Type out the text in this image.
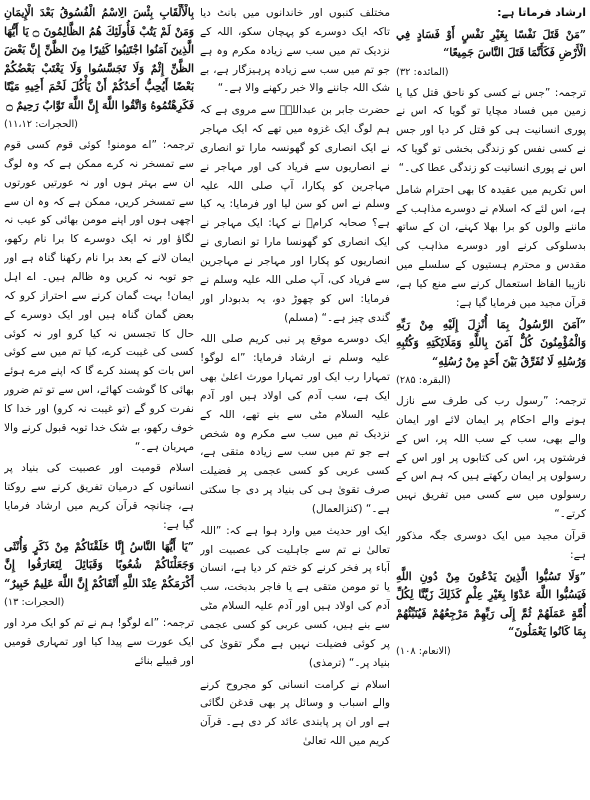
بِالْأَلْقَابِ بِئْسَ الِاسْمُ الْفُسُوقُ بَعْدَ الْإِيمَانِ وَمَنْ لَمْ يَتُبْ فَأُولَئِكَ هُمُ الظَّالِمُونَ ۝ يَا أَيُّهَا الَّذِينَ آمَنُوا اجْتَنِبُوا كَثِيرًا مِنَ الظَّنِّ إِنَّ بَعْضَ الظَّنِّ إِثْمٌ وَلَا تَجَسَّسُوا وَلَا يَغْتَبْ بَعْضُكُمْ بَعْضًا أَيُحِبُّ أَحَدُكُمْ أَنْ يَأْكُلَ لَحْمَ أَخِيهِ مَيْتًا فَكَرِهْتُمُوهُ وَاتَّقُوا اللَّهَ إِنَّ اللَّهَ تَوَّابٌ رَحِيمٌ ۝

(الحجرات: ۱۱،۱۲)

ترجمہ: ”اے مومنو! کوئی قوم کسی قوم سے تمسخر نہ کرے ممکن ہے کہ وہ لوگ ان سے بہتر ہوں اور نہ عورتیں عورتوں سے تمسخر کریں، ممکن ہے کہ وہ ان سے اچھی ہوں اور اپنے مومن بھائی کو عیب نہ لگاؤ اور نہ ایک دوسرے کا برا نام رکھو، ایمان لانے کے بعد برا نام رکھنا گناہ ہے اور جو توبہ نہ کریں وہ ظالم ہیں۔ اے اہل ایمان! بہت گمان کرنے سے احتراز کرو کہ بعض گمان گناہ ہیں اور ایک دوسرے کے حال کا تجسس نہ کیا کرو اور نہ کوئی کسی کی غیبت کرے، کیا تم میں سے کوئی اس بات کو پسند کرے گا کہ اپنے مرے ہوئے بھائی کا گوشت کھائے، اس سے تو تم ضرور نفرت کرو گے (تو غیبت نہ کرو) اور خدا کا خوف رکھو، بے شک خدا توبہ قبول کرنے والا مہربان ہے۔“

اسلام قومیت اور عصبیت کی بنیاد پر انسانوں کے درمیان تفریق کرنے سے روکتا ہے، چنانچہ قرآن کریم میں ارشاد فرمایا گیا ہے:

”يَا أَيُّهَا النَّاسُ إِنَّا خَلَقْنَاكُمْ مِنْ ذَكَرٍ وَأُنْثَى وَجَعَلْنَاكُمْ شُعُوبًا وَقَبَائِلَ لِتَعَارَفُوا إِنَّ أَكْرَمَكُمْ عِنْدَ اللَّهِ أَتْقَاكُمْ إِنَّ اللَّهَ عَلِيمٌ خَبِيرٌ“

(الحجرات: ۱۳)

ترجمہ: ”اے لوگو! ہم نے تم کو ایک مرد اور ایک عورت سے پیدا کیا اور تمہاری قومیں اور قبیلے بنائے

مختلف کنبوں اور خاندانوں میں بانٹ دیا تاکہ ایک دوسرے کو پہچان سکو، اللہ کے نزدیک تم میں سب سے زیادہ مکرم وہ ہے جو تم میں سب سے زیادہ پرہیزگار ہے، بے شک اللہ جاننے والا خبر رکھنے والا ہے۔“

حضرت جابر بن عبداللہؓ سے مروی ہے کہ ہم لوگ ایک غزوہ میں تھے کہ ایک مہاجر نے ایک انصاری کو گھونسہ مارا تو انصاری نے انصاریوں سے فریاد کی اور مہاجر نے مہاجرین کو پکارا، آپ صلی اللہ علیہ وسلم نے اس کو سن لیا اور فرمایا: یہ کیا ہے؟ صحابہ کرامؓ نے کہا: ایک مہاجر نے ایک انصاری کو گھونسا مارا تو انصاری نے انصاریوں کو پکارا اور مہاجر نے مہاجرین سے فریاد کی، آپ صلی اللہ علیہ وسلم نے فرمایا: اس کو چھوڑ دو، یہ بدبودار اور گندی چیز ہے۔“ (مسلم)

ایک دوسرے موقع پر نبی کریم صلی اللہ علیہ وسلم نے ارشاد فرمایا: ”اے لوگو! تمہارا رب ایک اور تمہارا مورث اعلیٰ بھی ایک ہے، سب آدم کی اولاد ہیں اور آدم علیہ السلام مٹی سے بنے تھے، اللہ کے نزدیک تم میں سب سے مکرم وہ شخص ہے جو تم میں سب سے زیادہ متقی ہے، کسی عربی کو کسی عجمی پر فضیلت صرف تقویٰ ہی کی بنیاد پر دی جا سکتی ہے۔“ (کنزالعمال)

ایک اور حدیث میں وارد ہوا ہے کہ: ”اللہ تعالیٰ نے تم سے جاہلیت کی عصبیت اور آباء پر فخر کرنے کو ختم کر دیا ہے، انسان یا تو مومن متقی ہے یا فاجر بدبخت، سب آدم کی اولاد ہیں اور آدم علیہ السلام مٹی سے بنے ہیں، کسی عربی کو کسی عجمی پر کوئی فضیلت نہیں ہے مگر تقویٰ کی بنیاد پر۔“ (ترمذی)

اسلام نے کرامت انسانی کو مجروح کرنے والے اسباب و وسائل پر بھی قدغن لگائی ہے اور ان پر پابندی عائد کر دی ہے۔ قرآن کریم میں اللہ تعالیٰ

ارشاد فرماتا ہے:

”مَنْ قَتَلَ نَفْسًا بِغَيْرِ نَفْسٍ أَوْ فَسَادٍ فِي الْأَرْضِ فَكَأَنَّمَا قَتَلَ النَّاسَ جَمِيعًا“

(المائدہ: ۳۲)

ترجمہ: ”جس نے کسی کو ناحق قتل کیا یا زمین میں فساد مچایا تو گویا کہ اس نے پوری انسانیت ہی کو قتل کر دیا اور جس نے کسی نفس کو زندگی بخشی تو گویا کہ اس نے پوری انسانیت کو زندگی عطا کی۔“

اس تکریم میں عقیدہ کا بھی احترام شامل ہے، اس لئے کہ اسلام نے دوسرے مذاہب کے ماننے والوں کو برا بھلا کہنے، ان کے ساتھ بدسلوکی کرنے اور دوسرے مذاہب کی مقدس و محترم ہستیوں کے سلسلے میں نازیبا الفاظ استعمال کرنے سے منع کیا ہے، قرآن مجید میں فرمایا گیا ہے:

”آمَنَ الرَّسُولُ بِمَا أُنْزِلَ إِلَيْهِ مِنْ رَبِّهِ وَالْمُؤْمِنُونَ كُلٌّ آمَنَ بِاللَّهِ وَمَلَائِكَتِهِ وَكُتُبِهِ وَرُسُلِهِ لَا نُفَرِّقُ بَيْنَ أَحَدٍ مِنْ رُسُلِهِ“

(البقرہ: ۲۸۵)

ترجمہ: ”رسول رب کی طرف سے نازل ہونے والے احکام پر ایمان لائے اور ایمان والے بھی، سب کے سب اللہ پر، اس کے فرشتوں پر، اس کی کتابوں پر اور اس کے رسولوں پر ایمان رکھتے ہیں کہ ہم اس کے رسولوں میں سے کسی میں تفریق نہیں کرتے۔“

قرآن مجید میں ایک دوسری جگہ مذکور ہے:

”وَلَا تَسُبُّوا الَّذِينَ يَدْعُونَ مِنْ دُونِ اللَّهِ فَيَسُبُّوا اللَّهَ عَدْوًا بِغَيْرِ عِلْمٍ كَذَلِكَ زَيَّنَّا لِكُلِّ أُمَّةٍ عَمَلَهُمْ ثُمَّ إِلَى رَبِّهِمْ مَرْجِعُهُمْ فَيُنَبِّئُهُمْ بِمَا كَانُوا يَعْمَلُونَ“

(الانعام: ۱۰۸)
